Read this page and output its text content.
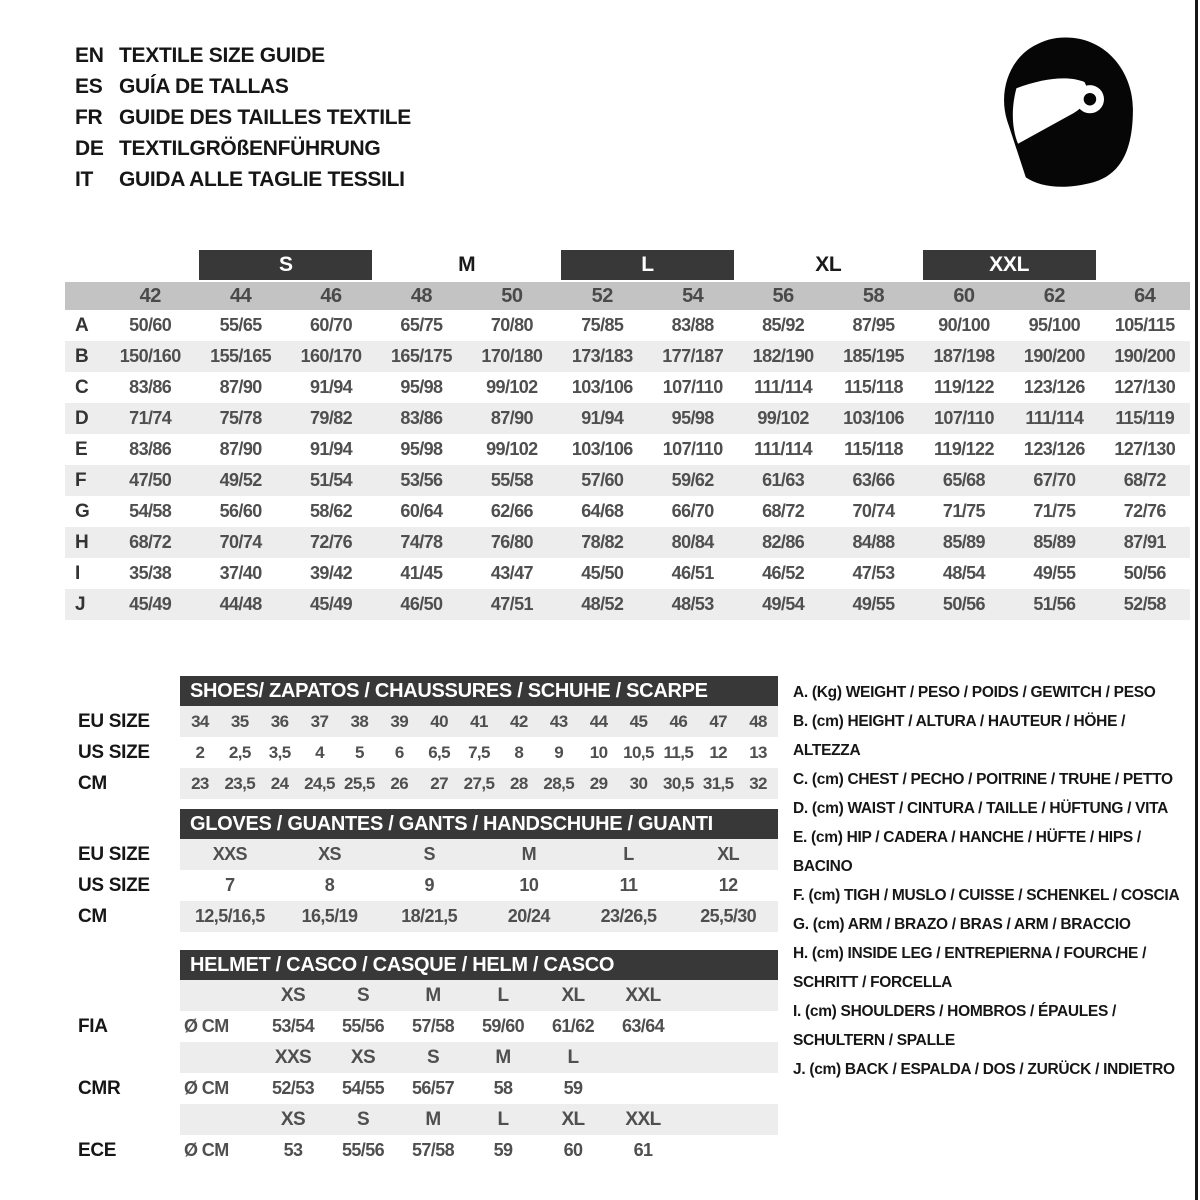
EN TEXTILE SIZE GUIDE
ES GUÍA DE TALLAS
FR GUIDE DES TAILLES TEXTILE
DE TEXTILGRÖßENFÜHRUNG
IT	GUIDA ALLE TAGLIE TESSILI
S	M	L	XL	XXL
42	44	46	48	50	52	54	56	58	60	62	64
A	50/60	55/65	60/70	65/75	70/80	75/85	83/88	85/92	87/95	90/100	95/100	105/115
B	150/160	155/165	160/170	165/175	170/180	173/183	177/187	182/190	185/195	187/198	190/200	190/200
C	83/86	87/90	91/94	95/98	99/102	103/106	107/110	111/114	115/118	119/122	123/126	127/130
D	71/74	75/78	79/82	83/86	87/90	91/94	95/98	99/102	103/106	107/110	111/114	115/119
E	83/86	87/90	91/94	95/98	99/102	103/106	107/110	111/114	115/118	119/122	123/126	127/130
F	47/50	49/52	51/54	53/56	55/58	57/60	59/62	61/63	63/66	65/68	67/70	68/72
G	54/58	56/60	58/62	60/64	62/66	64/68	66/70	68/72	70/74	71/75	71/75	72/76
H	68/72	70/74	72/76	74/78	76/80	78/82	80/84	82/86	84/88	85/89	85/89	87/91
I	35/38	37/40	39/42	41/45	43/47	45/50	46/51	46/52	47/53	48/54	49/55	50/56
J	45/49	44/48	45/49	46/50	47/51	48/52	48/53	49/54	49/55	50/56	51/56	52/58
SHOES/ ZAPATOS / CHAUSSURES / SCHUHE / SCARPE
EU SIZE	34	35	36	37	38	39	40	41	42	43	44	45	46	47	48
US SIZE	2	2,5	3,5	4	5	6	6,5	7,5	8	9	10 10,5 11,5 12	13
CM	23 23,5 24 24,5 25,5 26	27 27,5 28 28,5 29	30 30,5 31,5 32
GLOVES / GUANTES / GANTS / HANDSCHUHE / GUANTI
EU SIZE	XXS	XS	S	M	L	XL
US SIZE	7	8	9	10	11	12
CM	12,5/16,5	16,5/19	18/21,5	20/24	23/26,5	25,5/30
HELMET / CASCO / CASQUE / HELM / CASCO
XS	S	M	L	XL	XXL
FIA	Ø CM	53/54	55/56	57/58	59/60	61/62	63/64
XXS	XS	S	M	L
CMR	Ø CM	52/53	54/55	56/57	58	59
XS	S	M	L	XL	XXL
ECE	Ø CM	53	55/56	57/58	59	60	61
A. (Kg) WEIGHT / PESO / POIDS / GEWITCH / PESO
B. (cm) HEIGHT / ALTURA / HAUTEUR / HÖHE / ALTEZZA
C. (cm) CHEST / PECHO / POITRINE / TRUHE / PETTO
D. (cm) WAIST / CINTURA / TAILLE / HÜFTUNG / VITA
E. (cm) HIP / CADERA / HANCHE / HÜFTE / HIPS / BACINO
F. (cm) TIGH / MUSLO / CUISSE / SCHENKEL / COSCIA
G. (cm) ARM / BRAZO / BRAS / ARM / BRACCIO
H. (cm) INSIDE LEG / ENTREPIERNA / FOURCHE / SCHRITT / FORCELLA
I. (cm) SHOULDERS / HOMBROS / ÉPAULES / SCHULTERN / SPALLE
J. (cm) BACK / ESPALDA / DOS / ZURÜCK / INDIETRO
